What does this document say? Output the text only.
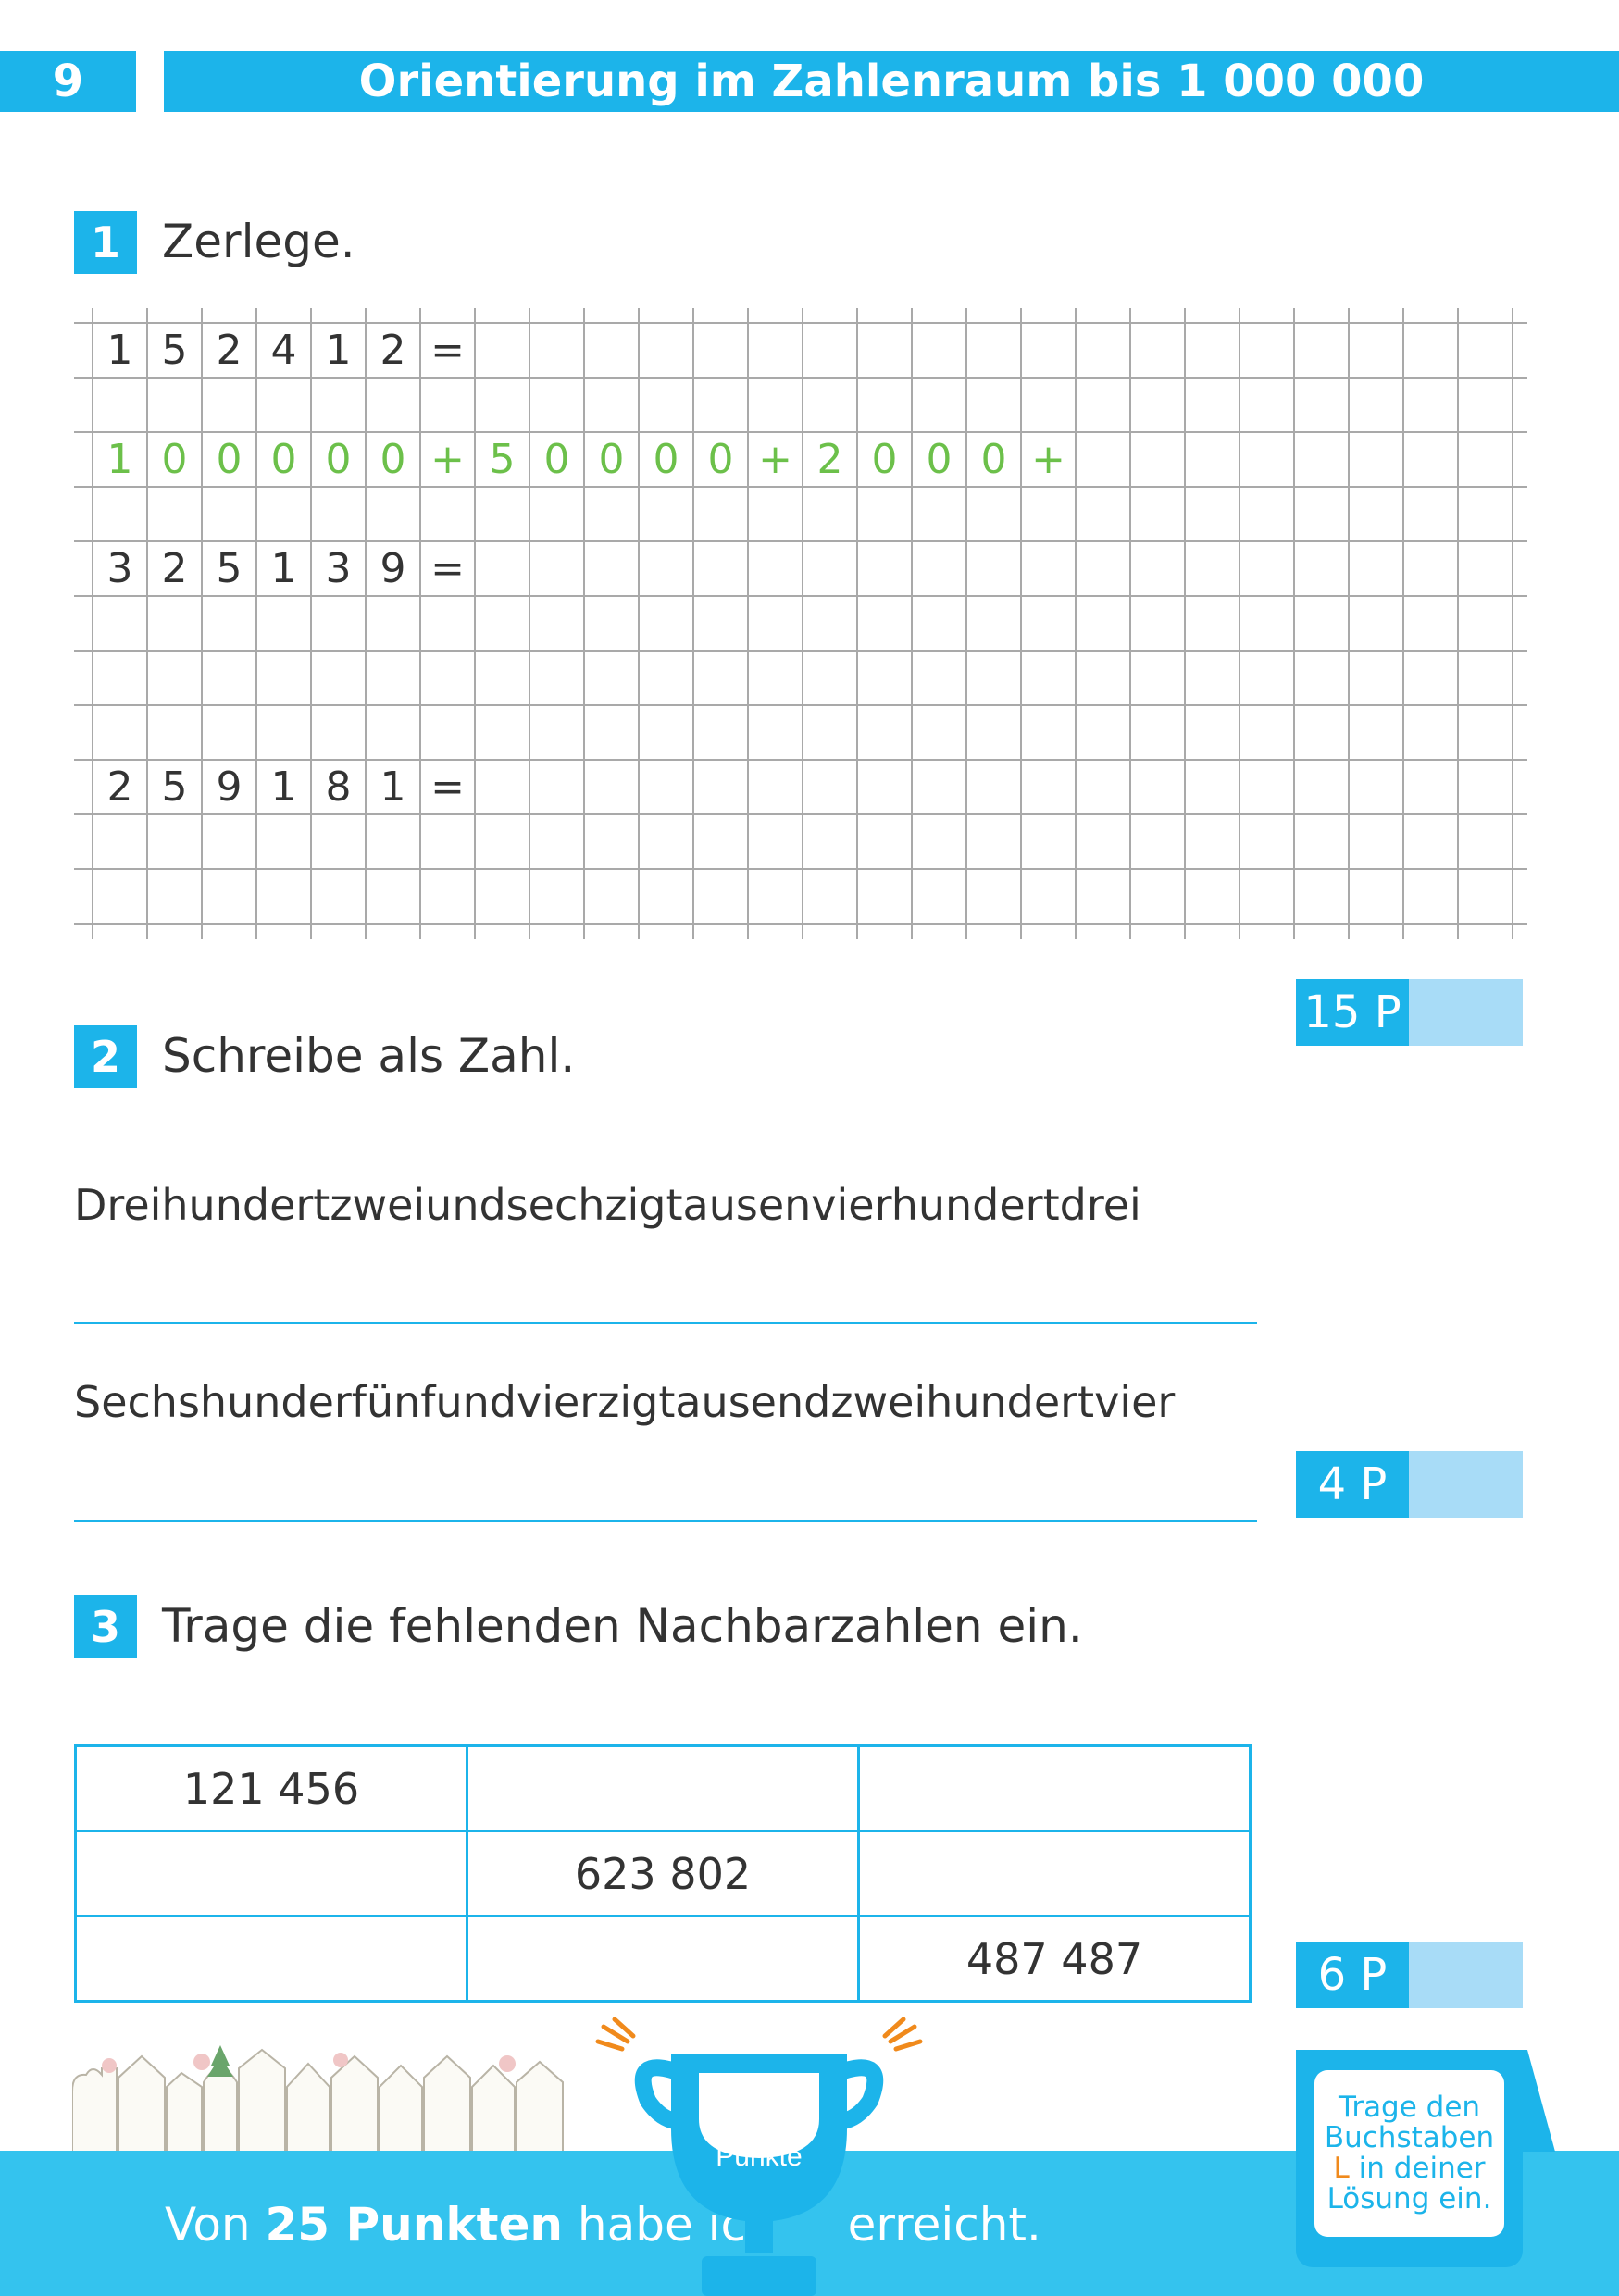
9	Orientierung im Zahlenraum bis 1 000 000
1 Zerlege.
1 5 2 4 1 2 =
1 0 0 0 0 0 + 5 0 0 0 0 + 2 0 0 0 +
3 2 5 1 3 9 =
2 5 9 1 8 1 =
15 P
2 Schreibe als Zahl.
Dreihundertzweiundsechzigtausenvierhundertdrei
Sechshunderfünfundvierzigtausendzweihundertvier
4 P
3 Trage die fehlenden Nachbarzahlen ein.
121 456		
	623 802	
		487 487	6 P
Von 25 Punkten habe ich erreicht.
Punkte
Trage den
Buchstaben
L in deiner
Lösung ein.
